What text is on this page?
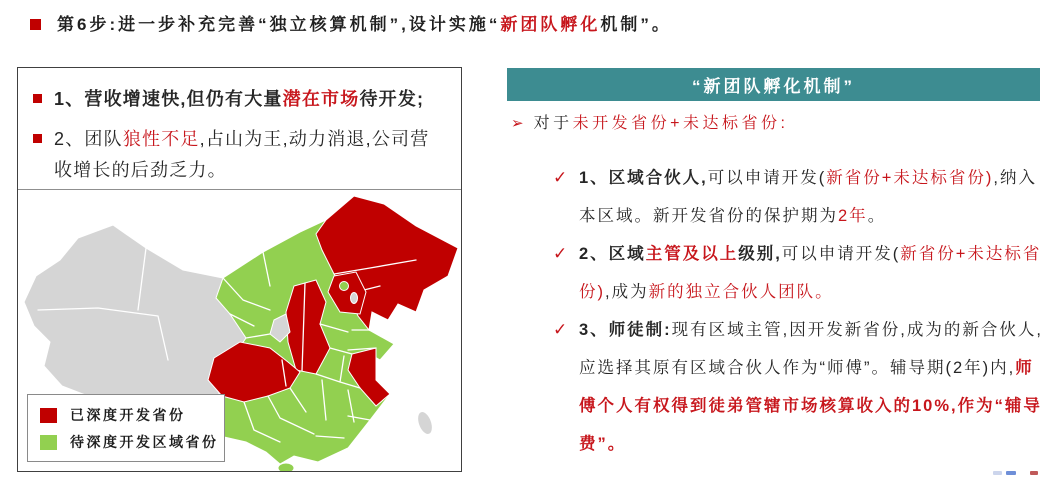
第6步:进一步补充完善“独立核算机制”,设计实施“新团队孵化机制”。
1、营收增速快,但仍有大量潜在市场待开发;
2、团队狼性不足,占山为王,动力消退,公司营收增长的后劲乏力。
已深度开发省份
待深度开发区域省份
“新团队孵化机制”
➢ 对于未开发省份+未达标省份:
✓ 1、区域合伙人,可以申请开发(新省份+未达标省份),纳入本区域。新开发省份的保护期为2年。
✓ 2、区域主管及以上级别,可以申请开发(新省份+未达标省份),成为新的独立合伙人团队。
✓ 3、师徒制:现有区域主管,因开发新省份,成为的新合伙人,应选择其原有区域合伙人作为“师傅”。辅导期(2年)内,师傅个人有权得到徒弟管辖市场核算收入的10%,作为“辅导费”。
